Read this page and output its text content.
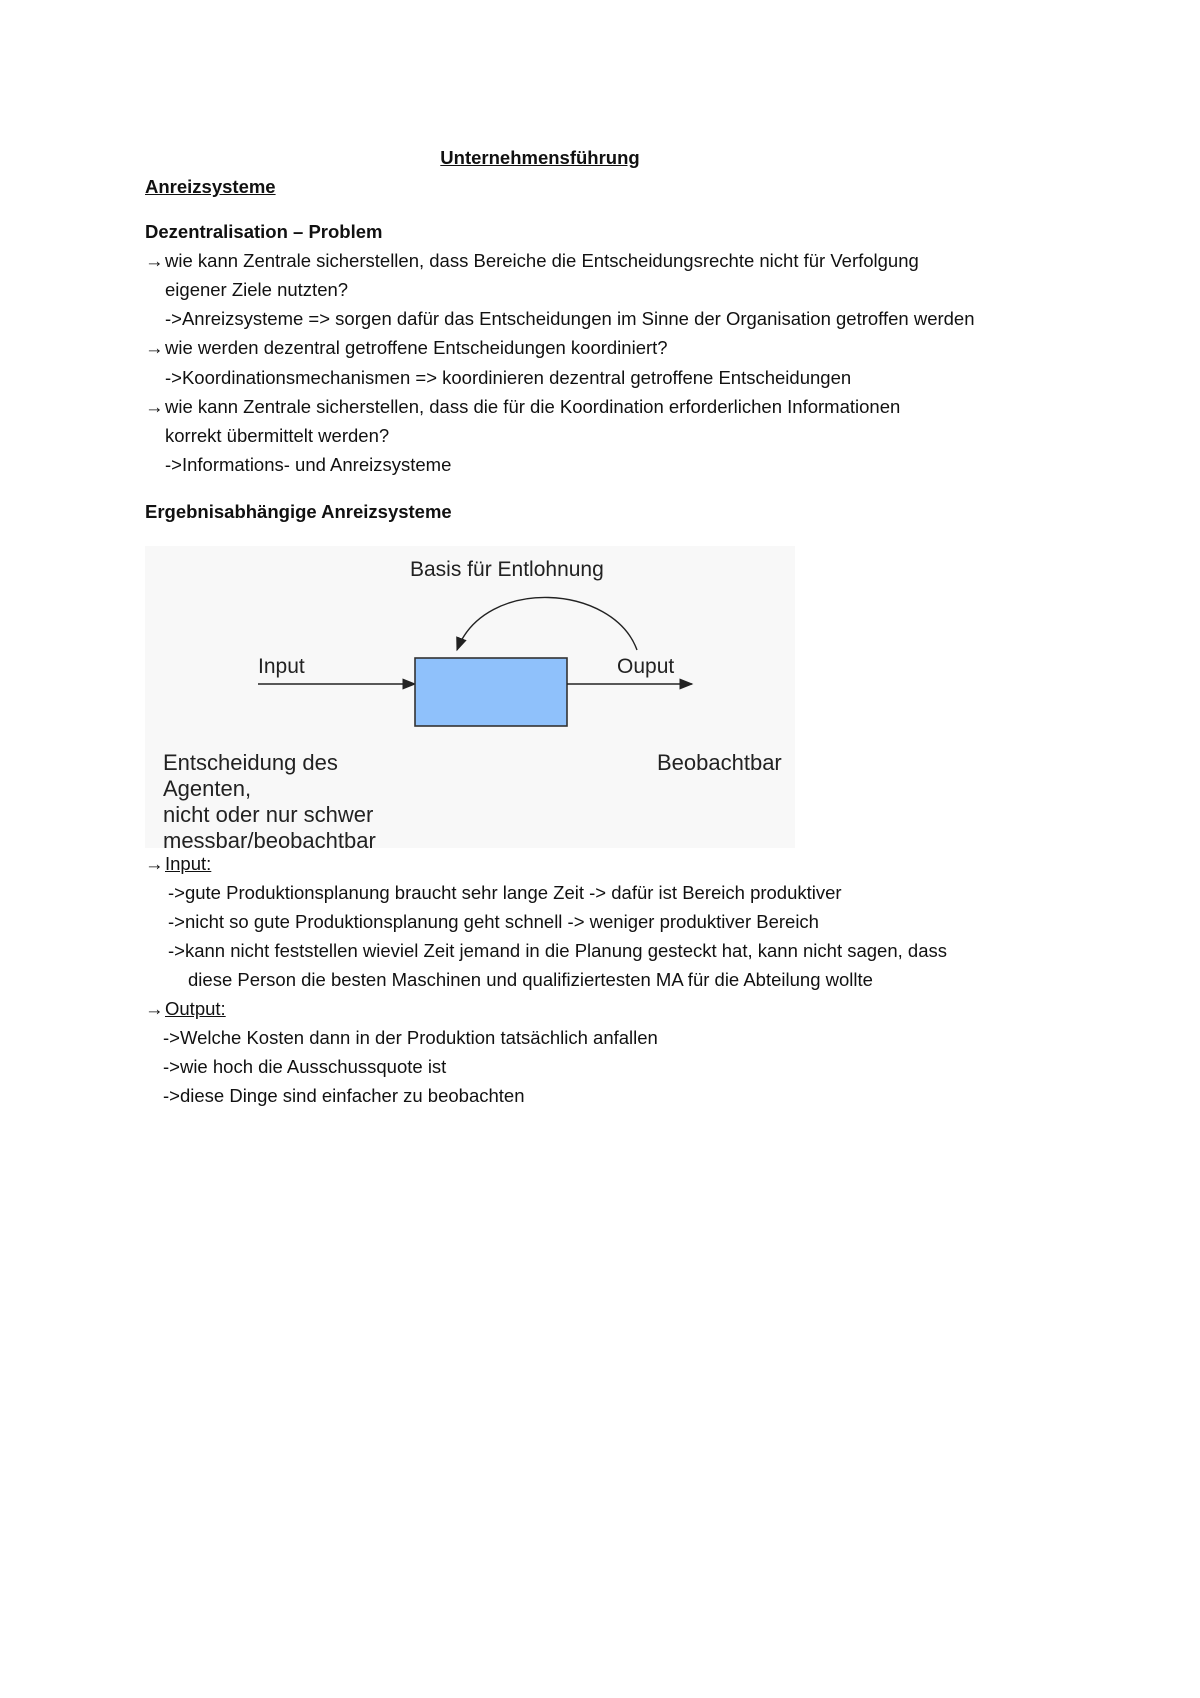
Unternehmensführung
Anreizsysteme
Dezentralisation – Problem
→wie kann Zentrale sicherstellen, dass Bereiche die Entscheidungsrechte nicht für Verfolgung
eigener Ziele nutzten?
->Anreizsysteme => sorgen dafür das Entscheidungen im Sinne der Organisation getroffen werden
→wie werden dezentral getroffene Entscheidungen koordiniert?
->Koordinationsmechanismen => koordinieren dezentral getroffene Entscheidungen
→wie kann Zentrale sicherstellen, dass die für die Koordination erforderlichen Informationen
korrekt übermittelt werden?
->Informations- und Anreizsysteme
Ergebnisabhängige Anreizsysteme
Basis für Entlohnung
Input	Ouput
Entscheidung des
Agenten,
nicht oder nur schwer
messbar/beobachtbar
Beobachtbar
→Input:
->gute Produktionsplanung braucht sehr lange Zeit -> dafür ist Bereich produktiver
->nicht so gute Produktionsplanung geht schnell -> weniger produktiver Bereich
->kann nicht feststellen wieviel Zeit jemand in die Planung gesteckt hat, kann nicht sagen, dass
diese Person die besten Maschinen und qualifiziertesten MA für die Abteilung wollte
→Output:
->Welche Kosten dann in der Produktion tatsächlich anfallen
->wie hoch die Ausschussquote ist
->diese Dinge sind einfacher zu beobachten
